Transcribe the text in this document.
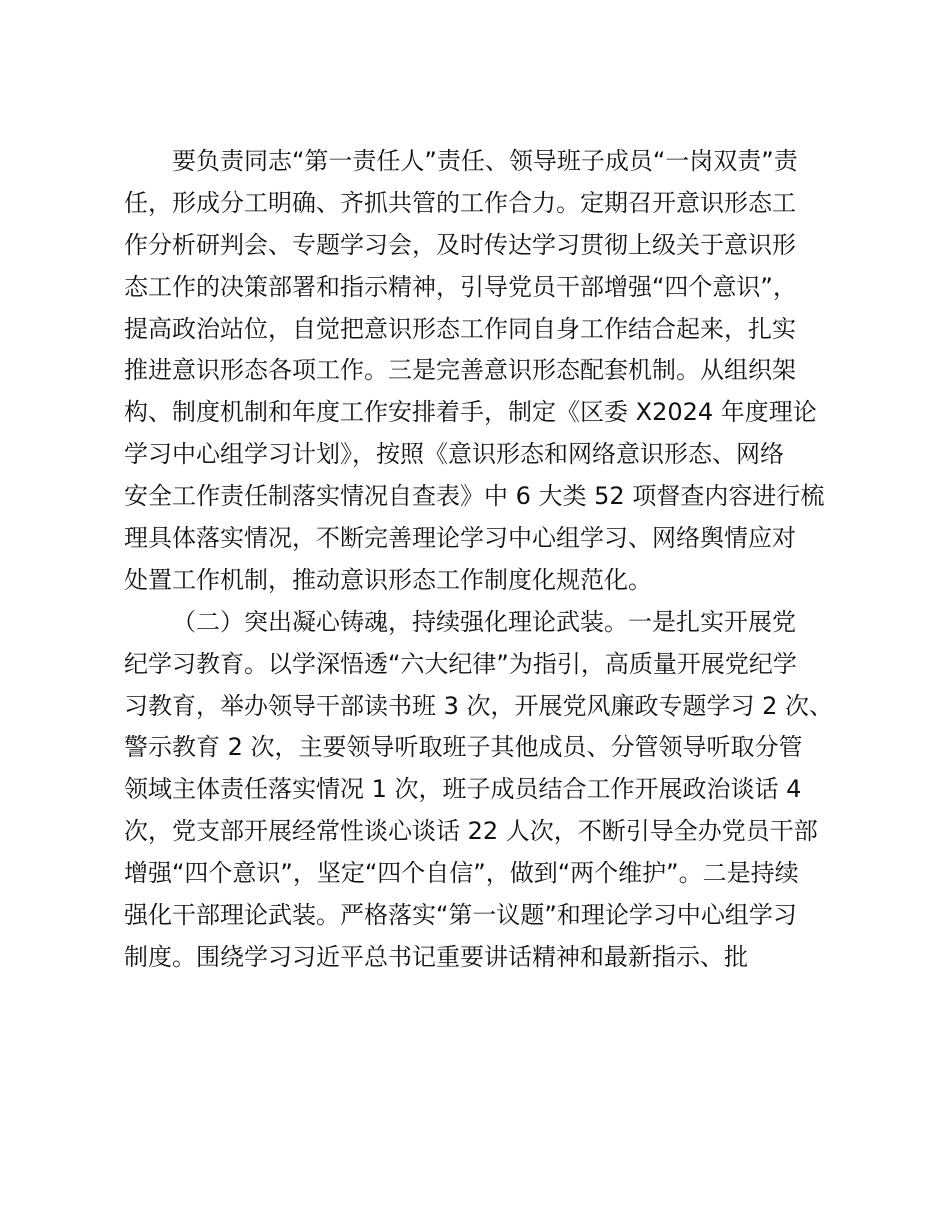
要负责同志“第一责任人”责任、领导班子成员“一岗双责”责
任，形成分工明确、齐抓共管的工作合力。定期召开意识形态工
作分析研判会、专题学习会，及时传达学习贯彻上级关于意识形
态工作的决策部署和指示精神，引导党员干部增强“四个意识”，
提高政治站位，自觉把意识形态工作同自身工作结合起来，扎实
推进意识形态各项工作。三是完善意识形态配套机制。从组织架
构、制度机制和年度工作安排着手，制定《区委 X2024 年度理论
学习中心组学习计划》，按照《意识形态和网络意识形态、网络
安全工作责任制落实情况自查表》中 6 大类 52 项督查内容进行梳
理具体落实情况，不断完善理论学习中心组学习、网络舆情应对
处置工作机制，推动意识形态工作制度化规范化。
（二）突出凝心铸魂，持续强化理论武装。一是扎实开展党
纪学习教育。以学深悟透“六大纪律”为指引，高质量开展党纪学
习教育，举办领导干部读书班 3 次，开展党风廉政专题学习 2 次、
警示教育 2 次，主要领导听取班子其他成员、分管领导听取分管
领域主体责任落实情况 1 次，班子成员结合工作开展政治谈话 4
次，党支部开展经常性谈心谈话 22 人次，不断引导全办党员干部
增强“四个意识”，坚定“四个自信”，做到“两个维护”。二是持续
强化干部理论武装。严格落实“第一议题”和理论学习中心组学习
制度。围绕学习习近平总书记重要讲话精神和最新指示、批
